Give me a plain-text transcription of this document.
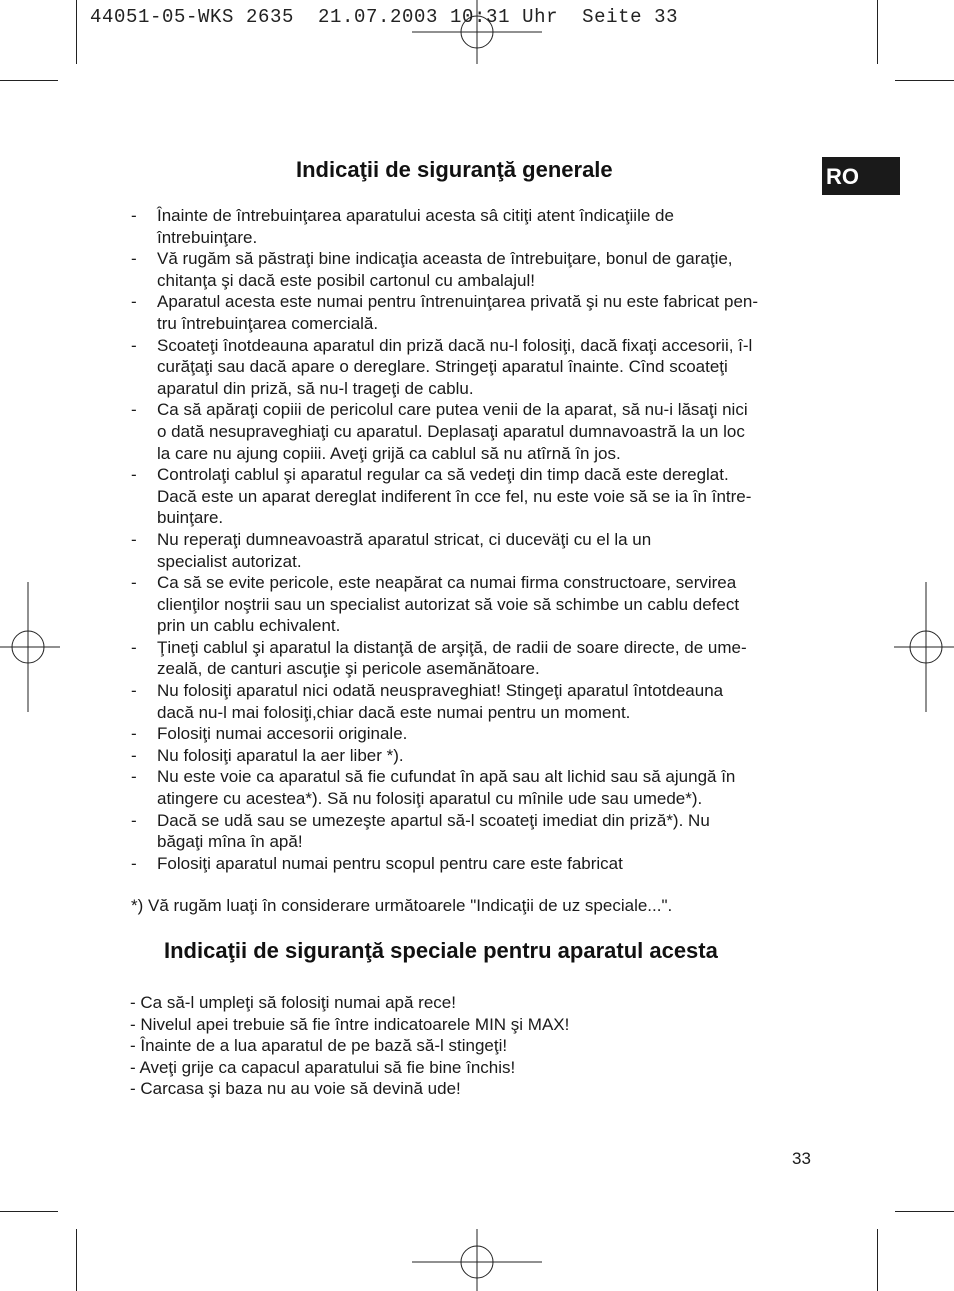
44051-05-WKS 2635  21.07.2003 10:31 Uhr  Seite 33
RO
Indicaţii de siguranţă generale
- Înainte de întrebuinţarea aparatului acesta sâ citiţi atent îndicaţiile de
întrebuinţare.
- Vă rugăm să păstraţi bine indicaţia aceasta de întrebuiţare, bonul de garaţie,
chitanţa şi dacă este posibil cartonul cu ambalajul!
- Aparatul acesta este numai pentru întrenuinţarea privată şi nu este fabricat pen-
tru întrebuinţarea comercială.
- Scoateţi înotdeauna aparatul din priză dacă nu-l folosiţi, dacă fixaţi accesorii, î-l
curăţaţi sau dacă apare o dereglare. Stringeţi aparatul înainte. Cînd scoateţi
aparatul din priză, să nu-l trageţi de cablu.
- Ca să apăraţi copiii de pericolul care putea venii de la aparat, să nu-i lăsaţi nici
o dată nesupraveghiaţi cu aparatul. Deplasaţi aparatul dumnavoastră la un loc
la care nu ajung copiii. Aveţi grijă ca cablul să nu atîrnă în jos.
- Controlaţi cablul şi aparatul regular ca să vedeţi din timp dacă este dereglat.
Dacă este un aparat dereglat indiferent în cce fel, nu este voie să se ia în între-
buinţare.
- Nu reperaţi dumneavoastră aparatul stricat, ci duceväţi cu el la un
specialist autorizat.
- Ca să se evite pericole, este neapărat ca numai firma constructoare, servirea
clienţilor noştrii sau un specialist autorizat să voie să schimbe un cablu defect
prin un cablu echivalent.
- Ţineţi cablul şi aparatul la distanţă de arşiţă, de radii de soare directe, de ume-
zeală, de canturi ascuţie şi pericole asemănătoare.
- Nu folosiţi aparatul nici odată neuspraveghiat! Stingeţi aparatul întotdeauna
dacă nu-l mai folosiţi,chiar dacă este numai pentru un moment.
- Folosiţi numai accesorii originale.
- Nu folosiţi aparatul la aer liber *).
- Nu este voie ca aparatul să fie cufundat în apă sau alt lichid sau să ajungă în
atingere cu acestea*). Să nu folosiţi aparatul cu mînile ude sau umede*).
- Dacă se udă sau se umezeşte apartul să-l scoateţi imediat din priză*). Nu
băgaţi mîna în apă!
- Folosiţi aparatul numai pentru scopul pentru care este fabricat
*) Vă rugăm luaţi în considerare următoarele "Indicaţii de uz speciale...".
Indicaţii de siguranţă speciale pentru aparatul acesta
- Ca să-l umpleţi să folosiţi numai apă rece!
- Nivelul apei trebuie să fie între indicatoarele MIN şi MAX!
- Înainte de a lua aparatul de pe bază să-l stingeţi!
- Aveţi grije ca capacul aparatului să fie bine închis!
- Carcasa şi baza nu au voie să devină ude!
33
